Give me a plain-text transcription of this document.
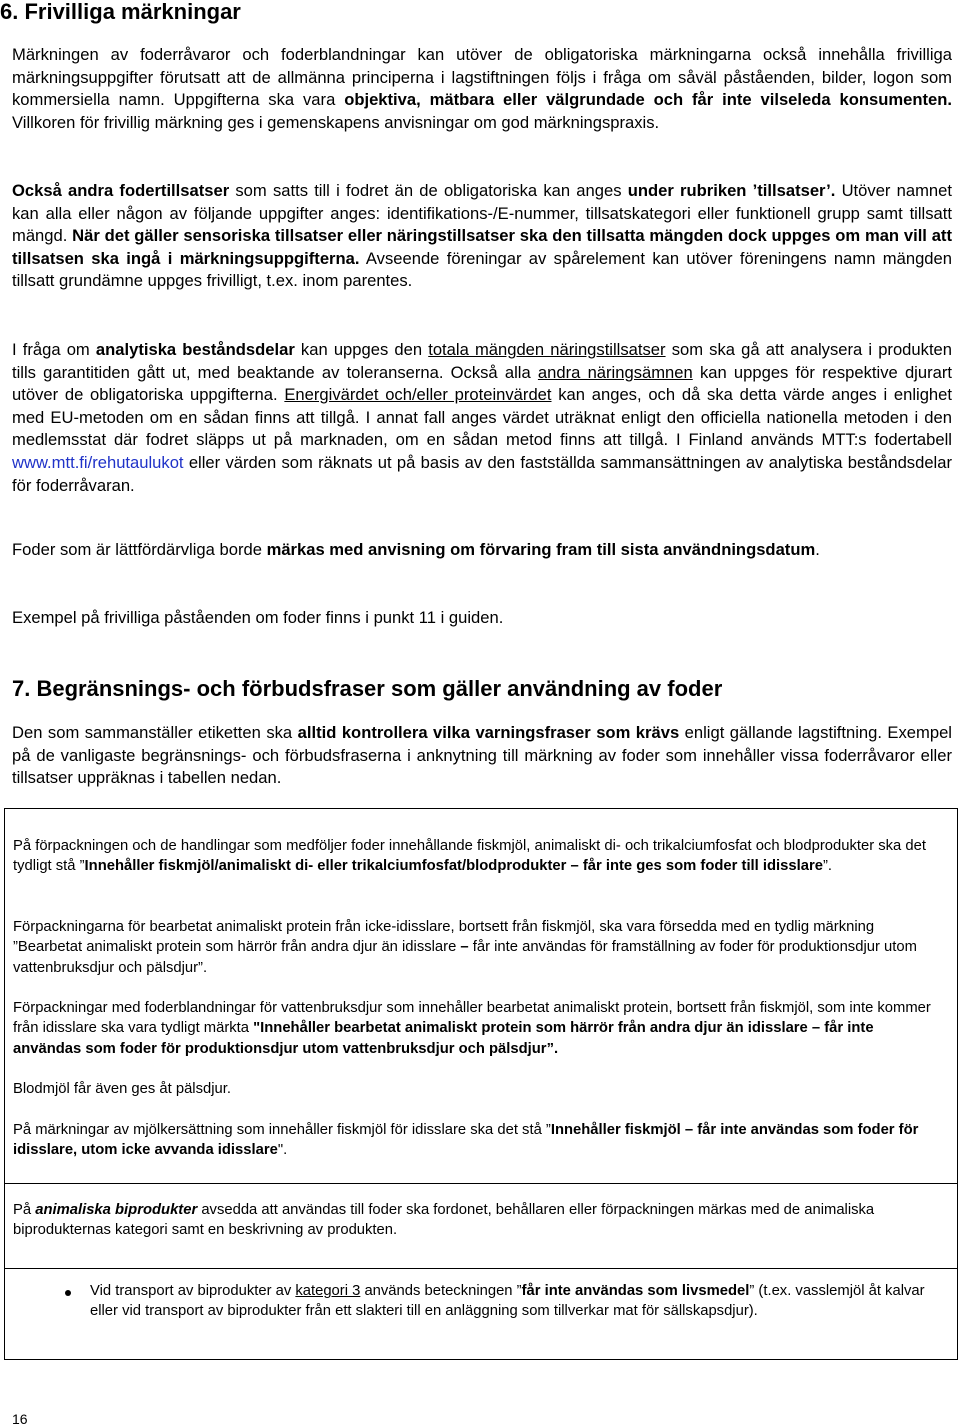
6. Frivilliga märkningar

Märkningen av foderråvaror och foderblandningar kan utöver de obligatoriska märkningarna också innehålla frivilliga märkningsuppgifter förutsatt att de allmänna principerna i lagstiftningen följs i fråga om såväl påståenden, bilder, logon som kommersiella namn. Uppgifterna ska vara objektiva, mätbara eller välgrundade och får inte vilseleda konsumenten. Villkoren för frivillig märkning ges i gemenskapens anvisningar om god märkningspraxis.

Också andra fodertillsatser som satts till i fodret än de obligatoriska kan anges under rubriken ’tillsatser’. Utöver namnet kan alla eller någon av följande uppgifter anges: identifikations-/E-nummer, tillsatskategori eller funktionell grupp samt tillsatt mängd. När det gäller sensoriska tillsatser eller näringstillsatser ska den tillsatta mängden dock uppges om man vill att tillsatsen ska ingå i märkningsuppgifterna. Avseende föreningar av spårelement kan utöver föreningens namn mängden tillsatt grundämne uppges frivilligt, t.ex. inom parentes.

I fråga om analytiska beståndsdelar kan uppges den totala mängden näringstillsatser som ska gå att analysera i produkten tills garantitiden gått ut, med beaktande av toleranserna. Också alla andra näringsämnen kan uppges för respektive djurart utöver de obligatoriska uppgifterna. Energivärdet och/eller proteinvärdet kan anges, och då ska detta värde anges i enlighet med EU-metoden om en sådan finns att tillgå. I annat fall anges värdet uträknat enligt den officiella nationella metoden i den medlemsstat där fodret släpps ut på marknaden, om en sådan metod finns att tillgå. I Finland används MTT:s fodertabell www.mtt.fi/rehutaulukot eller värden som räknats ut på basis av den fastställda sammansättningen av analytiska beståndsdelar för foderråvaran.

Foder som är lättfördärvliga borde märkas med anvisning om förvaring fram till sista användningsdatum.

Exempel på frivilliga påståenden om foder finns i punkt 11 i guiden.

7. Begränsnings- och förbudsfraser som gäller användning av foder

Den som sammanställer etiketten ska alltid kontrollera vilka varningsfraser som krävs enligt gällande lagstiftning. Exempel på de vanligaste begränsnings- och förbudsfraserna i anknytning till märkning av foder som innehåller vissa foderråvaror eller tillsatser uppräknas i tabellen nedan.

På förpackningen och de handlingar som medföljer foder innehållande fiskmjöl, animaliskt di- och trikalciumfosfat och blodprodukter ska det tydligt stå ”Innehåller fiskmjöl/animaliskt di- eller trikalciumfosfat/blodprodukter – får inte ges som foder till idisslare”.

Förpackningarna för bearbetat animaliskt protein från icke-idisslare, bortsett från fiskmjöl, ska vara försedda med en tydlig märkning ”Bearbetat animaliskt protein som härrör från andra djur än idisslare – får inte användas för framställning av foder för produktionsdjur utom vattenbruksdjur och pälsdjur”.

Förpackningar med foderblandningar för vattenbruksdjur som innehåller bearbetat animaliskt protein, bortsett från fiskmjöl, som inte kommer från idisslare ska vara tydligt märkta "Innehåller bearbetat animaliskt protein som härrör från andra djur än idisslare – får inte användas som foder för produktionsdjur utom vattenbruksdjur och pälsdjur”.

Blodmjöl får även ges åt pälsdjur.

På märkningar av mjölkersättning som innehåller fiskmjöl för idisslare ska det stå ”Innehåller fiskmjöl – får inte användas som foder för idisslare, utom icke avvanda idisslare".

På animaliska biprodukter avsedda att användas till foder ska fordonet, behållaren eller förpackningen märkas med de animaliska biprodukternas kategori samt en beskrivning av produkten.

Vid transport av biprodukter av kategori 3 används beteckningen ”får inte användas som livsmedel” (t.ex. vasslemjöl åt kalvar eller vid transport av biprodukter från ett slakteri till en anläggning som tillverkar mat för sällskapsdjur).

16
